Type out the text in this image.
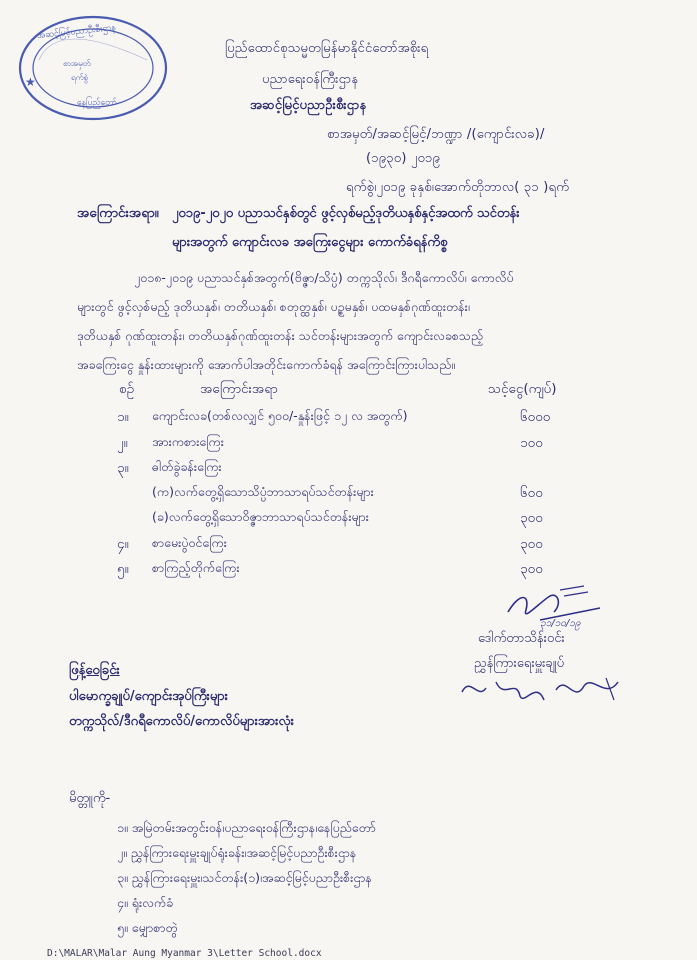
★
အဆင့်မြင့်ပညာဦးစီးဌာန
စာအမှတ်
ရက်စွဲ
နေပြည်တော်
ပြည်ထောင်စုသမ္မတမြန်မာနိုင်ငံတော်အစိုးရ
ပညာရေးဝန်ကြီးဌာန
အဆင့်မြင့်ပညာဦးစီးဌာန
စာအမှတ်/အဆင့်မြင့်/ဘဏ္ဍာ /(ကျောင်းလခ)/
(၁၉၃၀) ၂၀၁၉
ရက်စွဲ၊၂၀၁၉ ခုနှစ်၊အောက်တိုဘာလ( ၃၁ )ရက်
အကြောင်းအရာ။ ၂၀၁၉-၂၀၂၀ ပညာသင်နှစ်တွင် ဖွင့်လှစ်မည့်ဒုတိယနှစ်နှင့်အထက် သင်တန်း
များအတွက် ကျောင်းလခ အကြေးငွေများ ကောက်ခံရန်ကိစ္စ
၂၀၁၈-၂၀၁၉ ပညာသင်နှစ်အတွက်(ဗိဇ္ဇာ/သိပ္ပံ) တက္ကသိုလ်၊ ဒီဂရီကောလိပ်၊ ကောလိပ်
များတွင် ဖွင့်လှစ်မည့် ဒုတိယနှစ်၊ တတိယနှစ်၊ စတုတ္ထနှစ်၊ ပဉ္စမနှစ်၊ ပထမနှစ်ဂုဏ်ထူးတန်း၊
ဒုတိယနှစ် ဂုဏ်ထူးတန်း၊ တတိယနှစ်ဂုဏ်ထူးတန်း သင်တန်းများအတွက် ကျောင်းလခစသည့်
အခကြေးငွေ နှုန်းထားများကို အောက်ပါအတိုင်းကောက်ခံရန် အကြောင်းကြားပါသည်။
စဉ်	အကြောင်းအရာ	သင့်ငွေ(ကျပ်)
၁။ ကျောင်းလခ(တစ်လလျှင် ၅၀၀/-နှုန်းဖြင့် ၁၂ လ အတွက်)	၆၀၀၀
၂။ အားကစားကြေး	၁၀၀
၃။ ဓါတ်ခွဲခန်းကြေး
(က)လက်တွေ့ရှိသောသိပ္ပံဘာသာရပ်သင်တန်းများ	၆၀၀
(ခ)လက်တွေ့ရှိသောဝိဇ္ဇာဘာသာရပ်သင်တန်းများ	၃၀၀
၄။ စာမေးပွဲဝင်ကြေး	၃၀၀
၅။ စာကြည့်တိုက်ကြေး	၃၀၀
၃၁/၁၀/၁၉
ဒေါက်တာသိန်းဝင်း
ညွှန်ကြားရေးမှူးချုပ်
ဖြန့်ဝေခြင်း
ပါမောက္ခချုပ်/ကျောင်းအုပ်ကြီးများ
တက္ကသိုလ်/ဒီဂရီကောလိပ်/ကောလိပ်များအားလုံး
မိတ္တူကို-
၁။ အမြဲတမ်းအတွင်းဝန်၊ပညာရေးဝန်ကြီးဌာန၊နေပြည်တော်
၂။ ညွှန်ကြားရေးမှူးချုပ်ရုံးခန်း၊အဆင့်မြင့်ပညာဦးစီးဌာန
၃။ ညွှန်ကြားရေးမှူး၊သင်တန်း(၁)၊အဆင့်မြင့်ပညာဦးစီးဌာန
၄။ ရုံးလက်ခံ
၅။ မျှောစာတွဲ
D:\MALAR\Malar Aung Myanmar 3\Letter School.docx
